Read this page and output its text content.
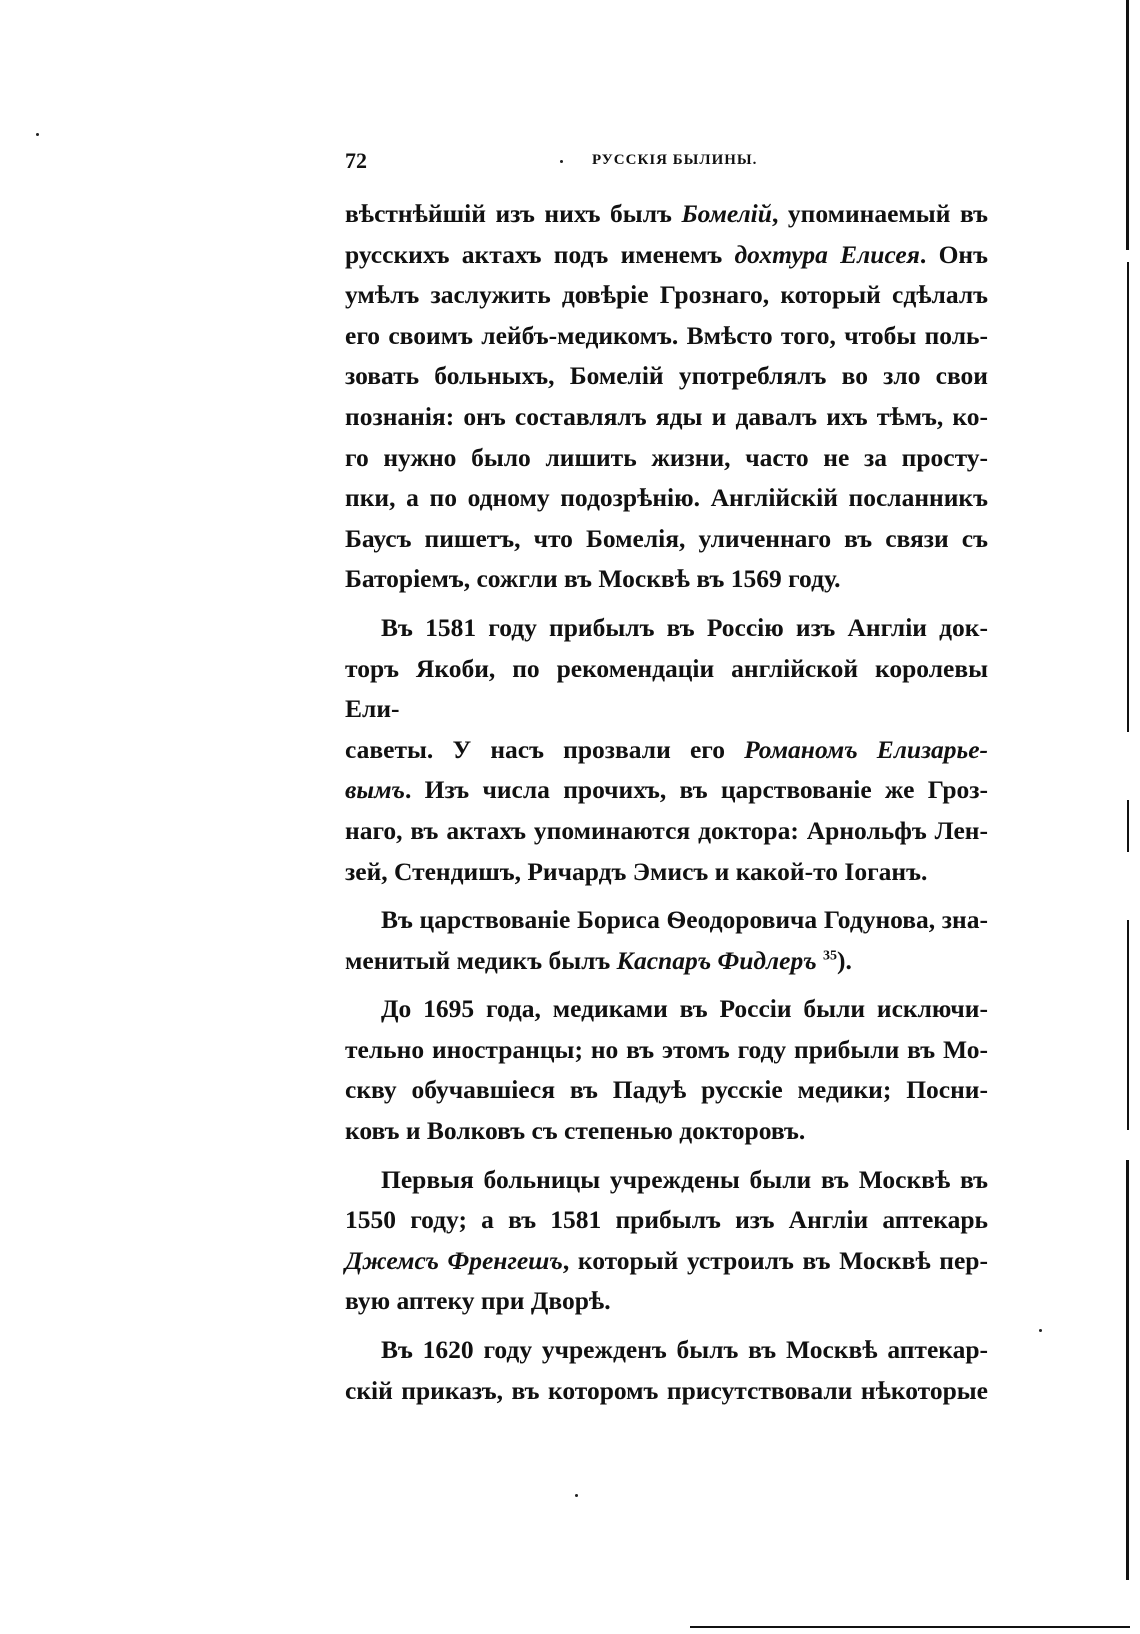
72	РУССКІЯ БЫЛИНЫ.
вѣстнѣйшій изъ нихъ былъ Бомелій, упоминаемый въ
русскихъ актахъ подъ именемъ дохтура Елисея. Онъ
умѣлъ заслужить довѣріе Грознаго, который сдѣлалъ
его своимъ лейбъ-медикомъ. Вмѣсто того, чтобы поль-
зовать больныхъ, Бомелій употреблялъ во зло свои
познанія: онъ составлялъ яды и давалъ ихъ тѣмъ, ко-
го нужно было лишить жизни, часто не за просту-
пки, а по одному подозрѣнію. Англійскій посланникъ
Баусъ пишетъ, что Бомелія, уличеннаго въ связи съ
Баторіемъ, сожгли въ Москвѣ въ 1569 году.
Въ 1581 году прибылъ въ Россію изъ Англіи док-
торъ Якоби, по рекомендаціи англійской королевы Ели-
саветы. У насъ прозвали его Романомъ Елизарье-
вымъ. Изъ числа прочихъ, въ царствованіе же Гроз-
наго, въ актахъ упоминаются доктора: Арнольфъ Лен-
зей, Стендишъ, Ричардъ Эмисъ и какой-то Іоганъ.
Въ царствованіе Бориса Ѳеодоровича Годунова, зна-
менитый медикъ былъ Каспаръ Фидлеръ $^{35}$).
До 1695 года, медиками въ Россіи были исключи-
тельно иностранцы; но въ этомъ году прибыли въ Мо-
скву обучавшіеся въ Падуѣ русскіе медики; Посни-
ковъ и Волковъ съ степенью докторовъ.
Первыя больницы учреждены были въ Москвѣ въ
1550 году; а въ 1581 прибылъ изъ Англіи аптекарь
Джемсъ Френгешъ, который устроилъ въ Москвѣ пер-
вую аптеку при Дворѣ.
Въ 1620 году учрежденъ былъ въ Москвѣ аптекар-
скій приказъ, въ которомъ присутствовали нѣкоторые
